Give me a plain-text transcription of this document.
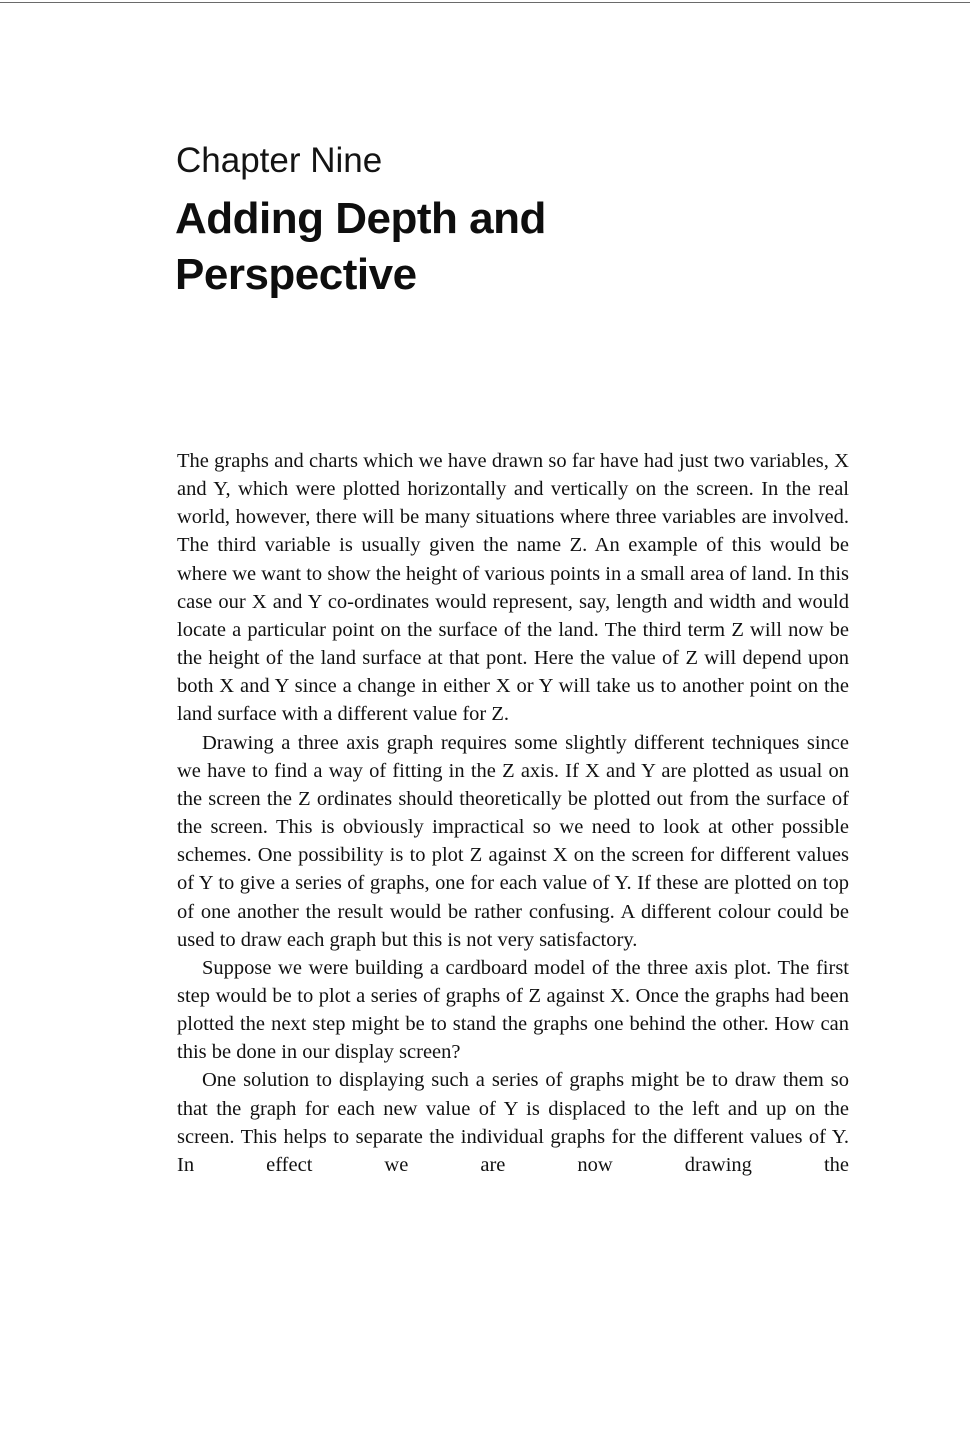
Chapter Nine
Adding Depth and
Perspective

The graphs and charts which we have drawn so far have had just two variables, X and Y, which were plotted horizontally and vertically on the screen. In the real world, however, there will be many situations where three variables are involved. The third variable is usually given the name Z. An example of this would be where we want to show the height of various points in a small area of land. In this case our X and Y co-ordinates would represent, say, length and width and would locate a particular point on the surface of the land. The third term Z will now be the height of the land surface at that pont. Here the value of Z will depend upon both X and Y since a change in either X or Y will take us to another point on the land surface with a different value for Z.

Drawing a three axis graph requires some slightly different techniques since we have to find a way of fitting in the Z axis. If X and Y are plotted as usual on the screen the Z ordinates should theoretically be plotted out from the surface of the screen. This is obviously impractical so we need to look at other possible schemes. One possibility is to plot Z against X on the screen for different values of Y to give a series of graphs, one for each value of Y. If these are plotted on top of one another the result would be rather confusing. A different colour could be used to draw each graph but this is not very satisfactory.

Suppose we were building a cardboard model of the three axis plot. The first step would be to plot a series of graphs of Z against X. Once the graphs had been plotted the next step might be to stand the graphs one behind the other. How can this be done in our display screen?

One solution to displaying such a series of graphs might be to draw them so that the graph for each new value of Y is displaced to the left and up on the screen. This helps to separate the individual graphs for the different values of Y. In effect we are now drawing the
